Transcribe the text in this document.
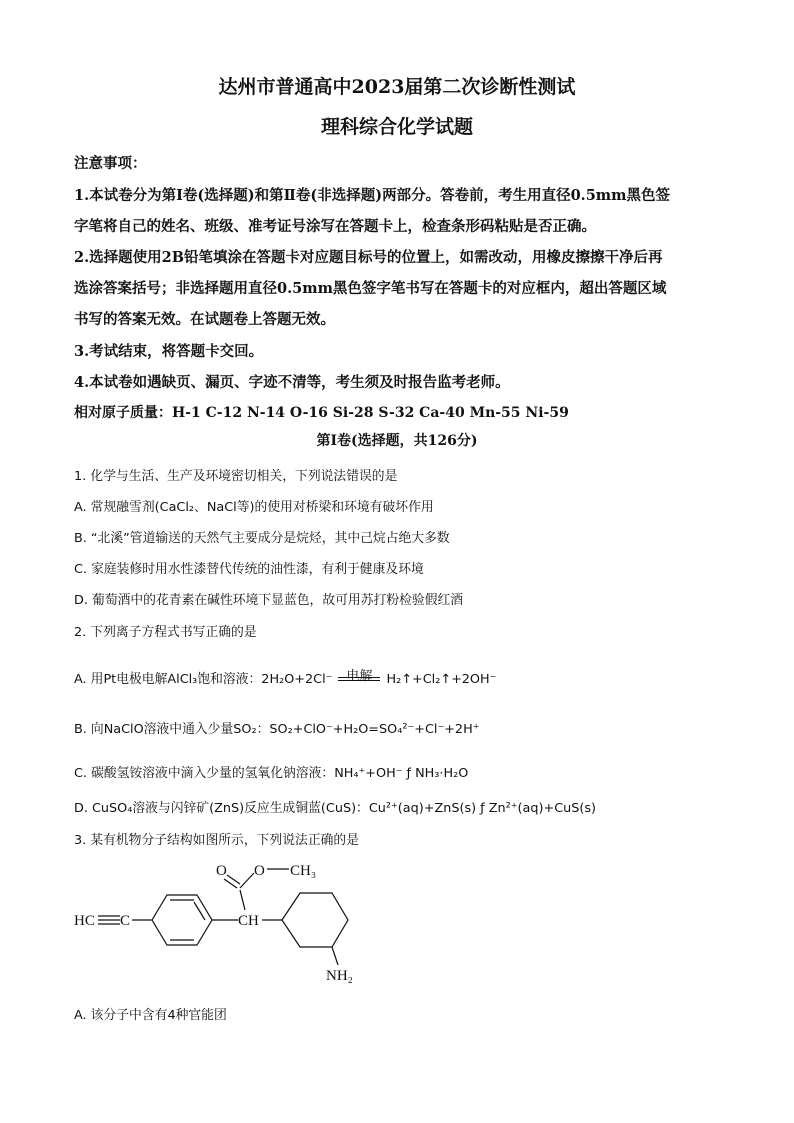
达州市普通高中2023届第二次诊断性测试
理科综合化学试题
注意事项：
1.本试卷分为第Ⅰ卷(选择题)和第Ⅱ卷(非选择题)两部分。答卷前，考生用直径0.5mm黑色签
字笔将自己的姓名、班级、准考证号涂写在答题卡上，检查条形码粘贴是否正确。
2.选择题使用2B铅笔填涂在答题卡对应题目标号的位置上，如需改动，用橡皮擦擦干净后再
选涂答案括号；非选择题用直径0.5mm黑色签字笔书写在答题卡的对应框内，超出答题区域
书写的答案无效。在试题卷上答题无效。
3.考试结束，将答题卡交回。
4.本试卷如遇缺页、漏页、字迹不清等，考生须及时报告监考老师。
相对原子质量：H-1 C-12 N-14 O-16 Si-28 S-32 Ca-40 Mn-55 Ni-59
第Ⅰ卷(选择题，共126分)
1. 化学与生活、生产及环境密切相关，下列说法错误的是
A. 常规融雪剂(CaCl₂、NaCl等)的使用对桥梁和环境有破坏作用
B. “北溪”管道输送的天然气主要成分是烷烃，其中己烷占绝大多数
C. 家庭装修时用水性漆替代传统的油性漆，有利于健康及环境
D. 葡萄酒中的花青素在碱性环境下显蓝色，故可用苏打粉检验假红酒
2. 下列离子方程式书写正确的是
A. 用Pt电极电解AlCl₃饱和溶液：2H₂O+2Cl⁻	电解	H₂↑+Cl₂↑+2OH⁻
B. 向NaClO溶液中通入少量SO₂：SO₂+ClO⁻+H₂O=SO₄²⁻+Cl⁻+2H⁺
C. 碳酸氢铵溶液中滴入少量的氢氧化钠溶液：NH₄⁺+OH⁻ ƒ NH₃·H₂O
D. CuSO₄溶液与闪锌矿(ZnS)反应生成铜蓝(CuS)：Cu²⁺(aq)+ZnS(s) ƒ Zn²⁺(aq)+CuS(s)
3. 某有机物分子结构如图所示，下列说法正确的是
O O CH₃
HC C	CH
NH₂
A. 该分子中含有4种官能团
